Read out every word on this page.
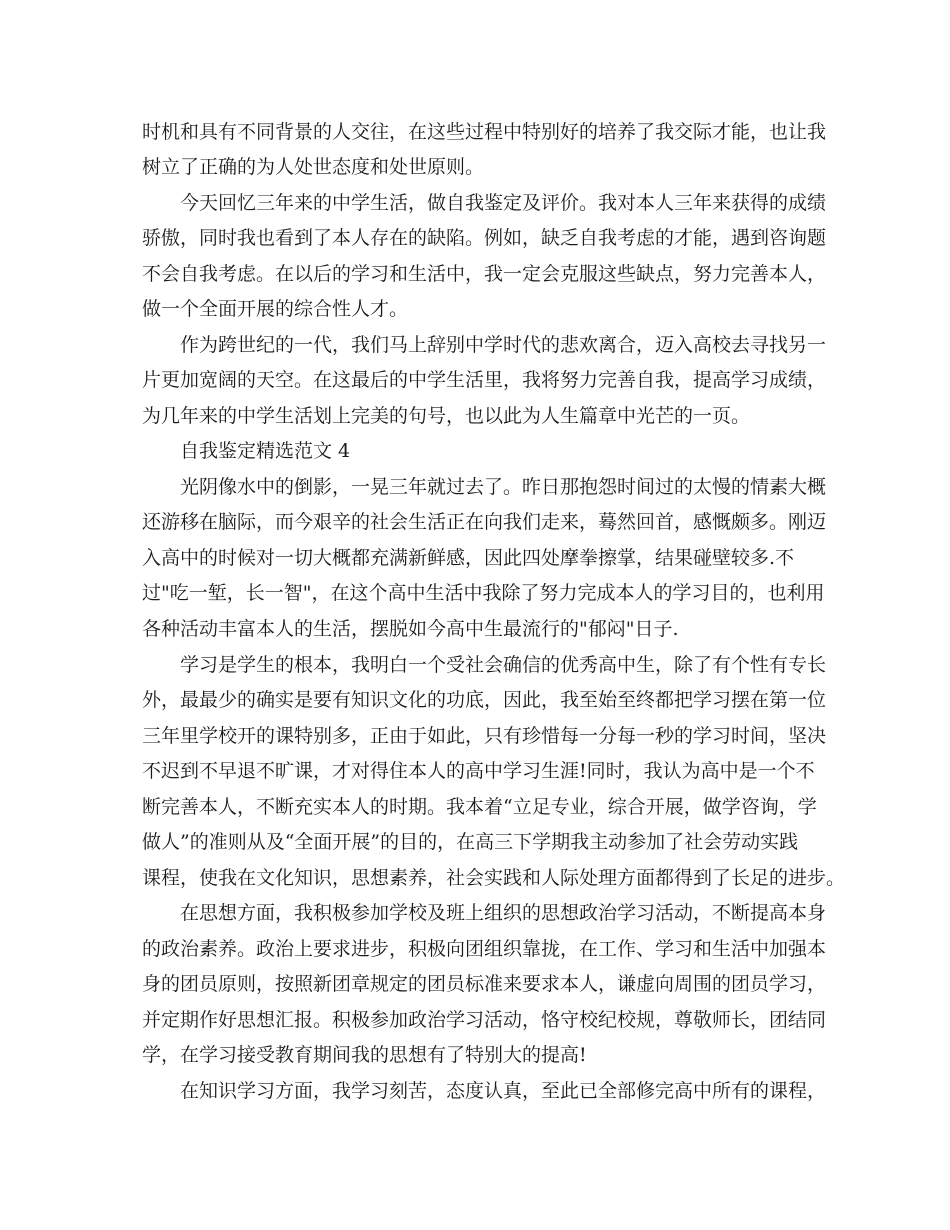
时机和具有不同背景的人交往，在这些过程中特别好的培养了我交际才能，也让我
树立了正确的为人处世态度和处世原则。
　　今天回忆三年来的中学生活，做自我鉴定及评价。我对本人三年来获得的成绩
骄傲，同时我也看到了本人存在的缺陷。例如，缺乏自我考虑的才能，遇到咨询题
不会自我考虑。在以后的学习和生活中，我一定会克服这些缺点，努力完善本人，
做一个全面开展的综合性人才。
　　作为跨世纪的一代，我们马上辞别中学时代的悲欢离合，迈入高校去寻找另一
片更加宽阔的天空。在这最后的中学生活里，我将努力完善自我，提高学习成绩，
为几年来的中学生活划上完美的句号，也以此为人生篇章中光芒的一页。
　　自我鉴定精选范文 4
　　光阴像水中的倒影，一晃三年就过去了。昨日那抱怨时间过的太慢的情素大概
还游移在脑际，而今艰辛的社会生活正在向我们走来，蓦然回首，感慨颇多。刚迈
入高中的时候对一切大概都充满新鲜感，因此四处摩拳擦掌，结果碰壁较多.不
过"吃一堑，长一智"，在这个高中生活中我除了努力完成本人的学习目的，也利用
各种活动丰富本人的生活，摆脱如今高中生最流行的"郁闷"日子.
　　学习是学生的根本，我明白一个受社会确信的优秀高中生，除了有个性有专长
外，最最少的确实是要有知识文化的功底，因此，我至始至终都把学习摆在第一位
三年里学校开的课特别多，正由于如此，只有珍惜每一分每一秒的学习时间，坚决
不迟到不早退不旷课，才对得住本人的高中学习生涯!同时，我认为高中是一个不
断完善本人，不断充实本人的时期。我本着“立足专业，综合开展，做学咨询，学
做人”的准则从及“全面开展”的目的，在高三下学期我主动参加了社会劳动实践
课程，使我在文化知识，思想素养，社会实践和人际处理方面都得到了长足的进步。
　　在思想方面，我积极参加学校及班上组织的思想政治学习活动，不断提高本身
的政治素养。政治上要求进步，积极向团组织靠拢，在工作、学习和生活中加强本
身的团员原则，按照新团章规定的团员标准来要求本人，谦虚向周围的团员学习，
并定期作好思想汇报。积极参加政治学习活动，恪守校纪校规，尊敬师长，团结同
学，在学习接受教育期间我的思想有了特别大的提高!
　　在知识学习方面，我学习刻苦，态度认真，至此已全部修完高中所有的课程，
